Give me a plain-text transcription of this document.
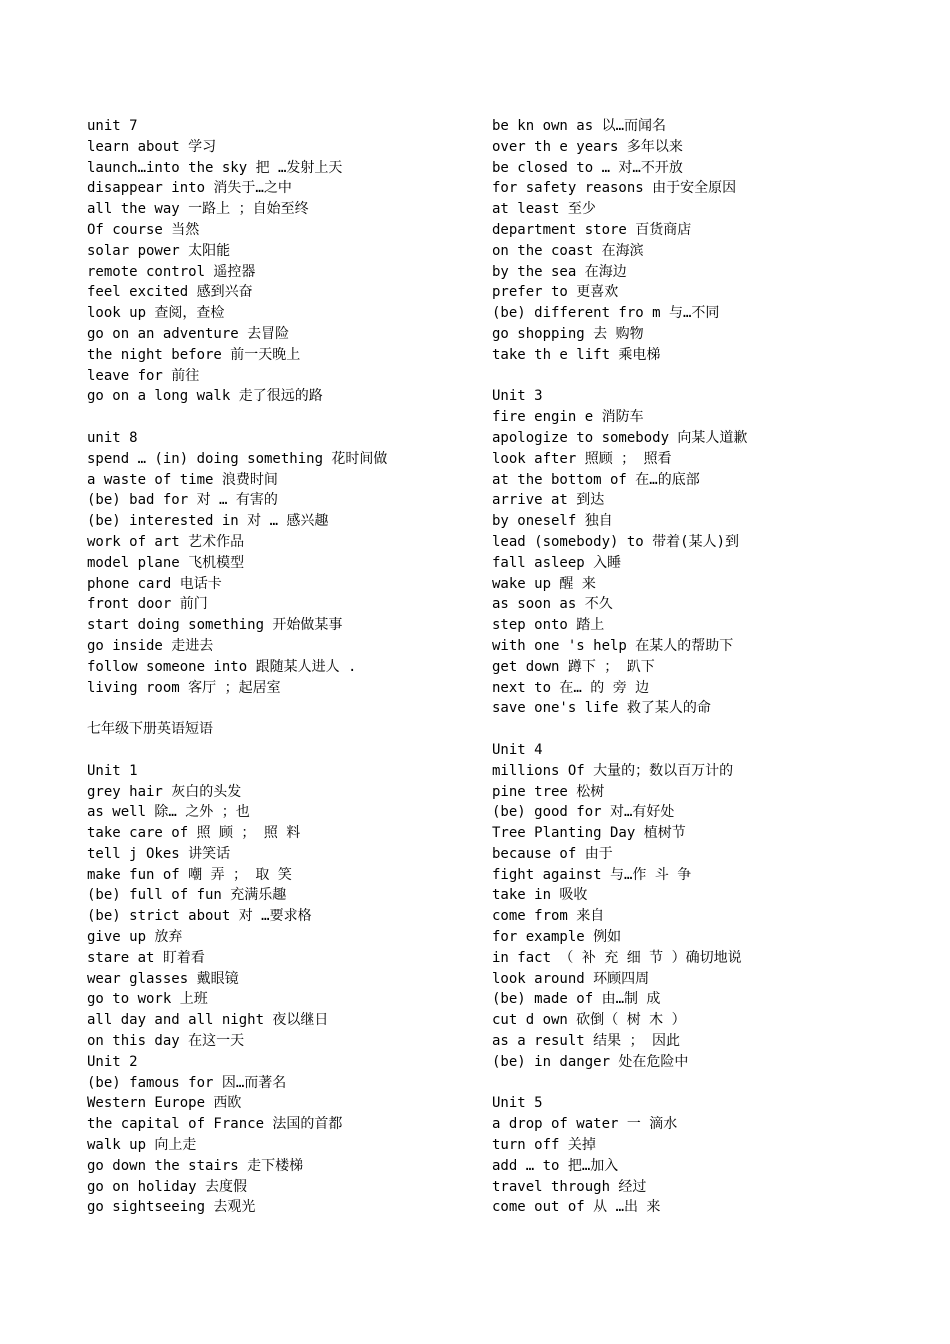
unit 7
learn about 学习
launch…into the sky 把 …发射上天
disappear into 消失于…之中
all the way 一路上 ；自始至终
Of course 当然
solar power 太阳能
remote control 遥控器
feel excited 感到兴奋
look up 查阅，查检
go on an adventure 去冒险
the night before 前一天晚上
leave for 前往
go on a long walk 走了很远的路
unit 8
spend … (in) doing something 花时间做
a waste of time 浪费时间
(be) bad for 对 … 有害的
(be) interested in 对 … 感兴趣
work of art 艺术作品
model plane 飞机模型
phone card 电话卡
front door 前门
start doing something 开始做某事
go inside 走进去
follow someone into 跟随某人进人 .
living room 客厅 ；起居室
七年级下册英语短语
Unit 1
grey hair 灰白的头发
as well 除… 之外 ；也
take care of 照 顾 ； 照 料
tell j Okes 讲笑话
make fun of 嘲 弄 ； 取 笑
(be) full of fun 充满乐趣
(be) strict about 对 …要求格
give up 放弃
stare at 盯着看
wear glasses 戴眼镜
go to work 上班
all day and all night 夜以继日
on this day 在这一天
Unit 2
(be) famous for 因…而著名
Western Europe 西欧
the capital of France 法国的首都
walk up 向上走
go down the stairs 走下楼梯
go on holiday 去度假
go sightseeing 去观光
be kn own as 以…而闻名
over th e years 多年以来
be closed to … 对…不开放
for safety reasons 由于安全原因
at least 至少
department store 百货商店
on the coast 在海滨
by the sea 在海边
prefer to 更喜欢
(be) different fro m 与…不同
go shopping 去 购物
take th e lift 乘电梯
Unit 3
fire engin e 消防车
apologize to somebody 向某人道歉
look after 照顾 ； 照看
at the bottom of 在…的底部
arrive at 到达
by oneself 独自
lead (somebody) to 带着(某人)到
fall asleep 入睡
wake up 醒 来
as soon as 不久
step onto 踏上
with one 's help 在某人的帮助下
get down 蹲下 ； 趴下
next to 在… 的 旁 边
save one's life 救了某人的命
Unit 4
millions Of 大量的；数以百万计的
pine tree 松树
(be) good for 对…有好处
Tree Planting Day 植树节
because of 由于
fight against 与…作 斗 争
take in 吸收
come from 来自
for example 例如
in fact （ 补 充 细 节 ）确切地说
look around 环顾四周
(be) made of 由…制 成
cut d own 砍倒（ 树 木 ）
as a result 结果 ； 因此
(be) in danger 处在危险中
Unit 5
a drop of water 一 滴水
turn off 关掉
add … to 把…加入
travel through 经过
come out of 从 …出 来
